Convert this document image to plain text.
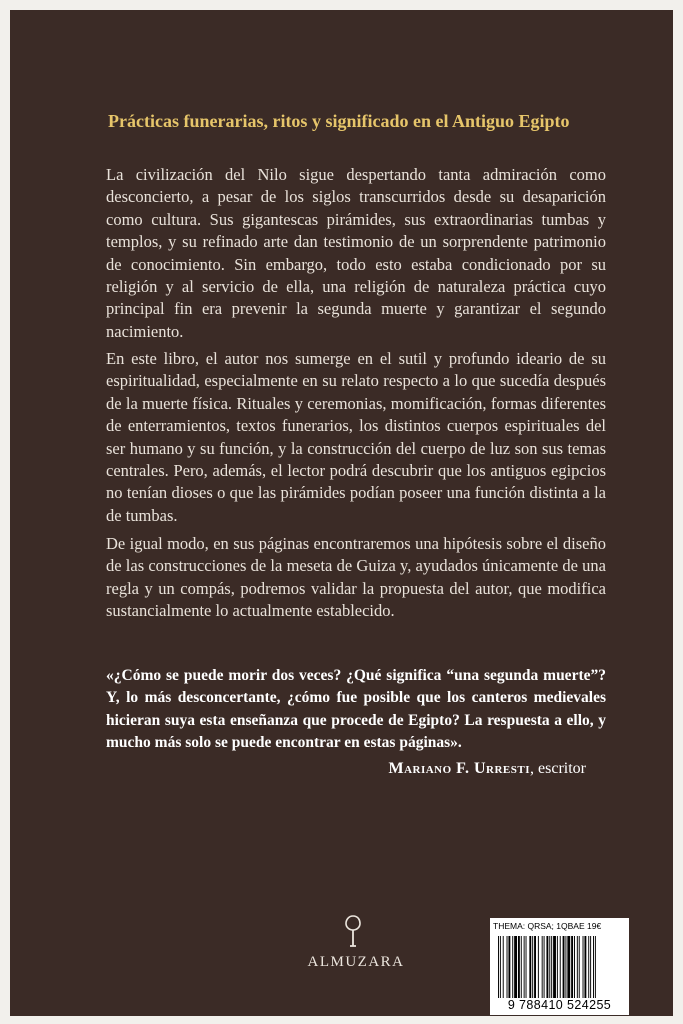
Prácticas funerarias, ritos y significado en el Antiguo Egipto

La civilización del Nilo sigue despertando tanta admiración como desconcierto, a pesar de los siglos transcurridos desde su desaparición como cultura. Sus gigantescas pirámides, sus extraordinarias tumbas y templos, y su refinado arte dan testimonio de un sorprendente patrimonio de conocimiento. Sin embargo, todo esto estaba condicionado por su religión y al servicio de ella, una religión de naturaleza práctica cuyo principal fin era prevenir la segunda muerte y garantizar el segundo nacimiento.

En este libro, el autor nos sumerge en el sutil y profundo ideario de su espiritualidad, especialmente en su relato respecto a lo que sucedía después de la muerte física. Rituales y ceremonias, momificación, formas diferentes de enterramientos, textos funerarios, los distintos cuerpos espirituales del ser humano y su función, y la construcción del cuerpo de luz son sus temas centrales. Pero, además, el lector podrá descubrir que los antiguos egipcios no tenían dioses o que las pirámides podían poseer una función distinta a la de tumbas.

De igual modo, en sus páginas encontraremos una hipótesis sobre el diseño de las construcciones de la meseta de Guiza y, ayudados únicamente de una regla y un compás, podremos validar la propuesta del autor, que modifica sustancialmente lo actualmente establecido.

«¿Cómo se puede morir dos veces? ¿Qué significa “una segunda muerte”? Y, lo más desconcertante, ¿cómo fue posible que los canteros medievales hicieran suya esta enseñanza que procede de Egipto? La respuesta a ello, y mucho más solo se puede encontrar en estas páginas».

Mariano F. Urresti, escritor

ALMUZARA

THEMA: QRSA; 1QBAE 19€
9 788410 524255
